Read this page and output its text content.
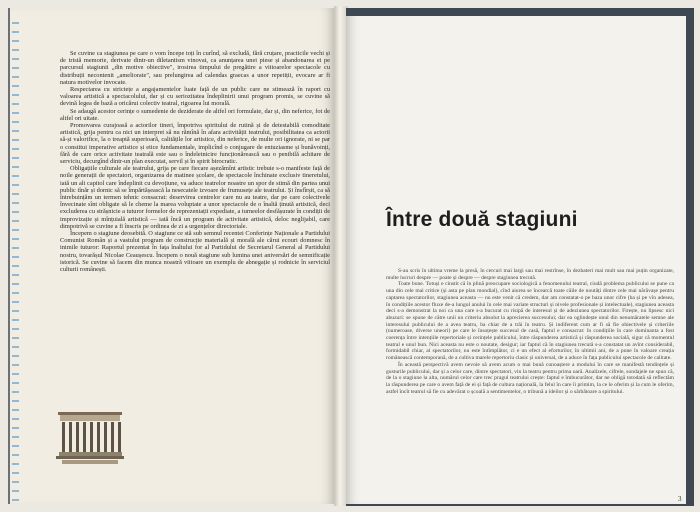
Se cuvine ca stagiunea pe care o vom începe toți în curînd, să excludă, fără cruțare, practicile vechi și de tristă memorie, derivate dintr-un diletantism vinovat, ca anunțarea unei piese și abandonarea ei pe parcursul stagiunii „din motive obiective", irosirea timpului de pregătire a viitoarelor spectacole cu distribuții necontenit „ameliorate", sau prelungirea ad calendas graecas a unor repetiții, evocare ar fi natura motivelor invocate.

Respectarea cu strictețe a angajamentelor luate față de un public care ne stimează în raport cu valoarea artistică a spectacolului, dar și cu seriozitatea îndeplinirii unui program promis, se cuvine să devină legea de bază a oricărui colectiv teatral, rigoarea lui morală.

Se adaugă acestor cerințe o sumedenie de deziderate de altfel ori formulate, dar și, din neferice, fot de altfel ori uitate.

Promovarea curajoasă a actorilor tineri, împotriva spiritului de rutină și de detestabilă comoditate artistică, grija pentru ca nici un interpret să nu rămînă în afara activității teatrului, posibilitatea ca actorii să-și valorifice, la o treaptă superioară, calitățile lor artistice, din neferice, de multe ori ignorate, ni se par o constitui imperative artistice și etice fundamentale, implicînd o conjugare de entuziasme și bunăvoinți, fără de care orice activitate teatrală este sau o îndeletnicire funcționărească sau o penibilă achitare de serviciu, decurgînd dintr-un plan executat, servil și în spirit birocratic.

Obligațiile culturale ale teatrului, grija pe care fiecare așezămînt artistic trebuie s-o manifeste față de noile generații de spectatori, organizarea de matinee școlare, de spectacole închinate exclusiv tineretului, iată un alt capitol care îndeplinit cu devoțiune, va aduce teatrelor noastre un spor de stimă din partea unui public tînăr și dornic să se împărtășească la nesecatele izvoare de frumusețe ale teatrului. Și însfîrșit, ca să întrebuințăm un termen tehnic consacrat: deservirea centrelor care nu au teatre, dar pe care colectivele învecinate sînt obligate să le cheme la marea voluptate a unor spectacole de o înaltă ținută artistică, deci excluderea cu strășnicie a tuturor formelor de reprezentații expediate, a turneelor desfășurate în condiții de improvizație și mînțuială artistică — iată încă un program de activitate artistică, deloc neglijabil, care dimpotrivă se cuvine a fi înscris pe ordinea de zi a urgențelor directoriale.

Începem o stagiune deosebită. O stagiune ce stă sub semnul recentei Conferințe Naționale a Partidului Comunist Român și a vastului program de construcție materială și morală ale cărui ecouri domnesc în inimile tuturor: Raportul prezentat în fața înaltului for al Partidului de Secretarul General al Partidului nostru, tovarășul Nicolae Ceaușescu. Începem o nouă stagiune sub lumina unei aniversări de semnificație istorică. Se cuvine să facem din munca noastră viitoare un exemplu de abnegație și rodnicie în serviciul culturii românești.

Între două stagiuni

S-au scris în ultima vreme la presă, în cercuri mai largi sau mai restrînse, în dezbateri mai mult sau mai puțin organizate, multe lucruri despre — poate și despre — despre stagiunea trecută.

Toate bune. Totuși e cinstit că în plină preocupare sociologică a fenomenului teatral, ciudă problema publicului se pune ca una din cele mai critice (și asta pe plan mondial), cînd aiurea se încearcă toate căile de noutăți dintre cele mai nărăvașe pentru captarea spectatorilor, stagiunea aceasta — nu este venit că credem, dar am constatat-o pe baza unor cifre (ba și pe vîn adesea, în condițiile acestor fluxe de-a lungul anului în cele mai variate structuri și nivele profesionale și intelectuale), stagiunea aceasta deci s-a demonstrat la noi ca una care s-a bucurat cu risipă de interesul și de adeziunea spectatorilor. Firește, nu lipsesc nici abuzuri: se spune de către unii un criteriu absolut la aprecierea succesului; dar ea oglindește unul din nenumăratele semne ale interesului publicului de a avea teatru, ba chiar de a trăi în teatru. Și indiferent cum ar fi să fie obiectivele și criteriile (numeroase, diverse uneori) pe care le însoțește succesul de casă, faptul e consacrat: în condițiile în care dominanta a fost coerența între intențiile repertoriale și cerințele publicului, între răspunderea artistică și răspunderea socială, sigur că momentul teatral e unul bun. Nici aceasta nu este o noutate, desigur; iar faptul că în stagiunea trecută s-a constatat un avînt considerabil, formidabil chiar, al spectatorilor, nu este întîmplător, ci e un efect al eforturilor, în ultimii ani, de a pune în valoare creația românească contemporană, de a cultiva marele repertoriu clasic și universal, de a aduce în fața publicului spectacole de calitate.

În această perspectivă avem nevoie să avem acum o mai bună cunoaștere a modului în care se manifestă tendințele și gusturile publicului, dar și a celor care, dintre spectatori, vin la teatru pentru prima oară. Analizele, cifrele, sondajele ne spun că, de la o stagiune la alta, numărul celor care trec pragul teatrului crește: faptul e îmbucurător, dar ne obligă totodată să reflectăm la răspunderea pe care o avem față de ei și față de cultura națională, la felul în care îi primim, la ce le oferim și la cum le oferim, astfel încît teatrul să fie cu adevărat o școală a sentimentelor, o tribună a ideilor și o sărbătoare a spiritului.

3
